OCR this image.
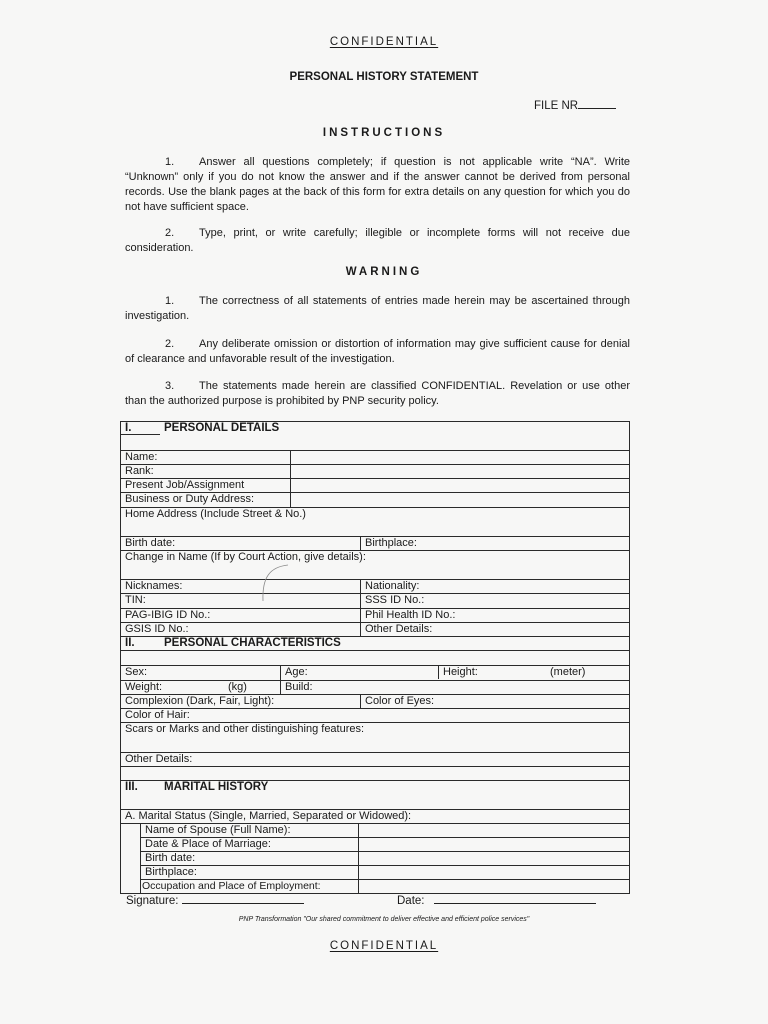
CONFIDENTIAL
PERSONAL HISTORY STATEMENT
FILE NR
INSTRUCTIONS
1. Answer all questions completely; if question is not applicable write “NA”. Write “Unknown” only if you do not know the answer and if the answer cannot be derived from personal records. Use the blank pages at the back of this form for extra details on any question for which you do not have sufficient space.
2. Type, print, or write carefully; illegible or incomplete forms will not receive due consideration.
WARNING
1. The correctness of all statements of entries made herein may be ascertained through investigation.
2. Any deliberate omission or distortion of information may give sufficient cause for denial of clearance and unfavorable result of the investigation.
3. The statements made herein are classified CONFIDENTIAL. Revelation or use other than the authorized purpose is prohibited by PNP security policy.
I.	PERSONAL DETAILS
Name:
Rank:
Present Job/Assignment
Business or Duty Address:
Home Address (Include Street & No.)
Birth date:	Birthplace:
Change in Name (If by Court Action, give details):
Nicknames:	Nationality:
TIN:	SSS ID No.:
PAG-IBIG ID No.:	Phil Health ID No.:
GSIS ID No.:	Other Details:
II.	PERSONAL CHARACTERISTICS
Sex:	Age:	Height:	(meter)
Weight:	(kg)	Build:
Complexion (Dark, Fair, Light):	Color of Eyes:
Color of Hair:
Scars or Marks and other distinguishing features:
Other Details:
III. MARITAL HISTORY
A. Marital Status (Single, Married, Separated or Widowed):
Name of Spouse (Full Name):
Date & Place of Marriage:
Birth date:
Birthplace:
Occupation and Place of Employment:
Signature:	Date:
PNP Transformation "Our shared commitment to deliver effective and efficient police services"
CONFIDENTIAL
